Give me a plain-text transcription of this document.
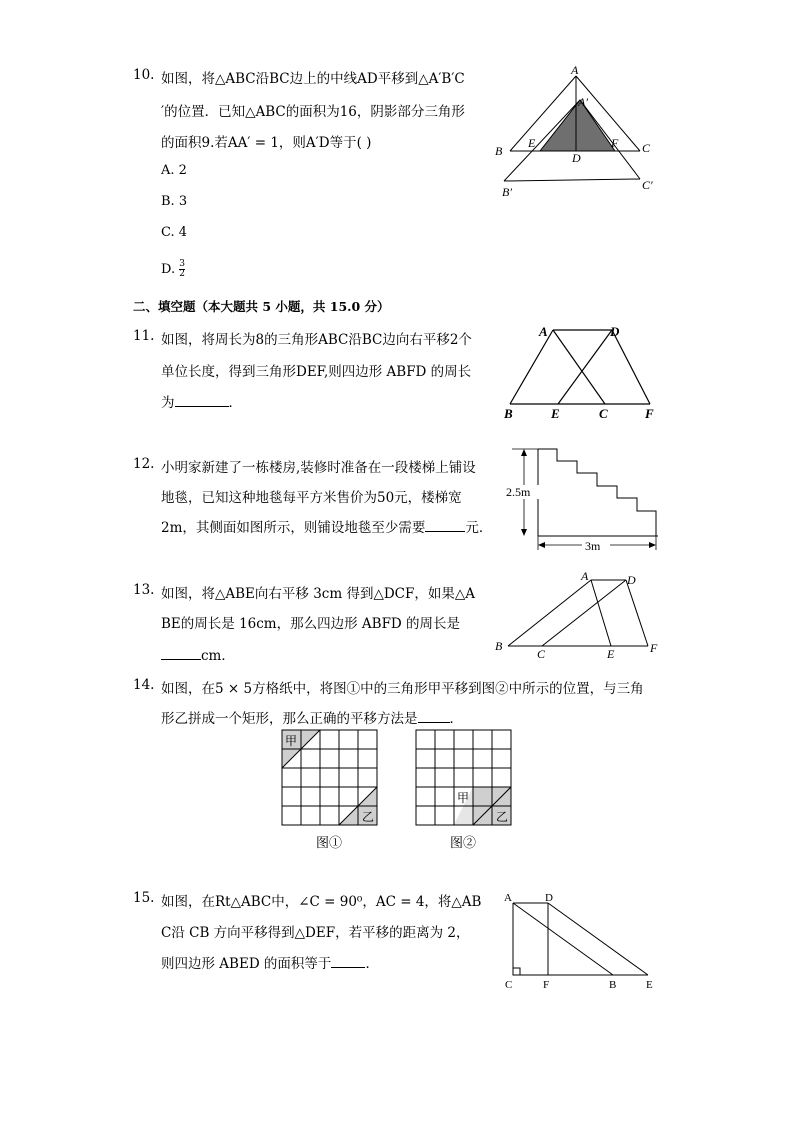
10. 如图，将△ABC沿BC边上的中线AD平移到△A′B′C
′的位置．已知△ABC的面积为16，阴影部分三角形
的面积9.若AA′ = 1，则A′D等于( )
A. 2
B. 3
C. 4
D. $\frac{3}{2}$
A
A′
B
E
D
F C
B′	C′
二、填空题（本大题共 5 小题，共 15.0 分）
11. 如图，将周长为8的三角形ABC沿BC边向右平移2个
单位长度，得到三角形DEF,则四边形 ABFD 的周长
为	．
A	D
B	E	C	F
12. 小明家新建了一栋楼房,装修时准备在一段楼梯上铺设
地毯，已知这种地毯每平方米售价为50元，楼梯宽
2m，其侧面如图所示，则铺设地毯至少需要	元．
2.5m
3m
13. 如图，将△ABE向右平移 3cm 得到△DCF，如果△A
BE的周长是 16cm，那么四边形 ABFD 的周长是
cm．
A	D
B
C	E	F
14. 如图，在5 × 5方格纸中，将图①中的三角形甲平移到图②中所示的位置，与三角
形乙拼成一个矩形，那么正确的平移方法是 ．
甲
乙
图①
甲
乙
图②
15. 如图，在Rt△ABC中，∠C = 90⁰，AC = 4，将△AB
C沿 CB 方向平移得到△DEF，若平移的距离为 2，
则四边形 ABED 的面积等于	．
A	D
C	F	B	E
